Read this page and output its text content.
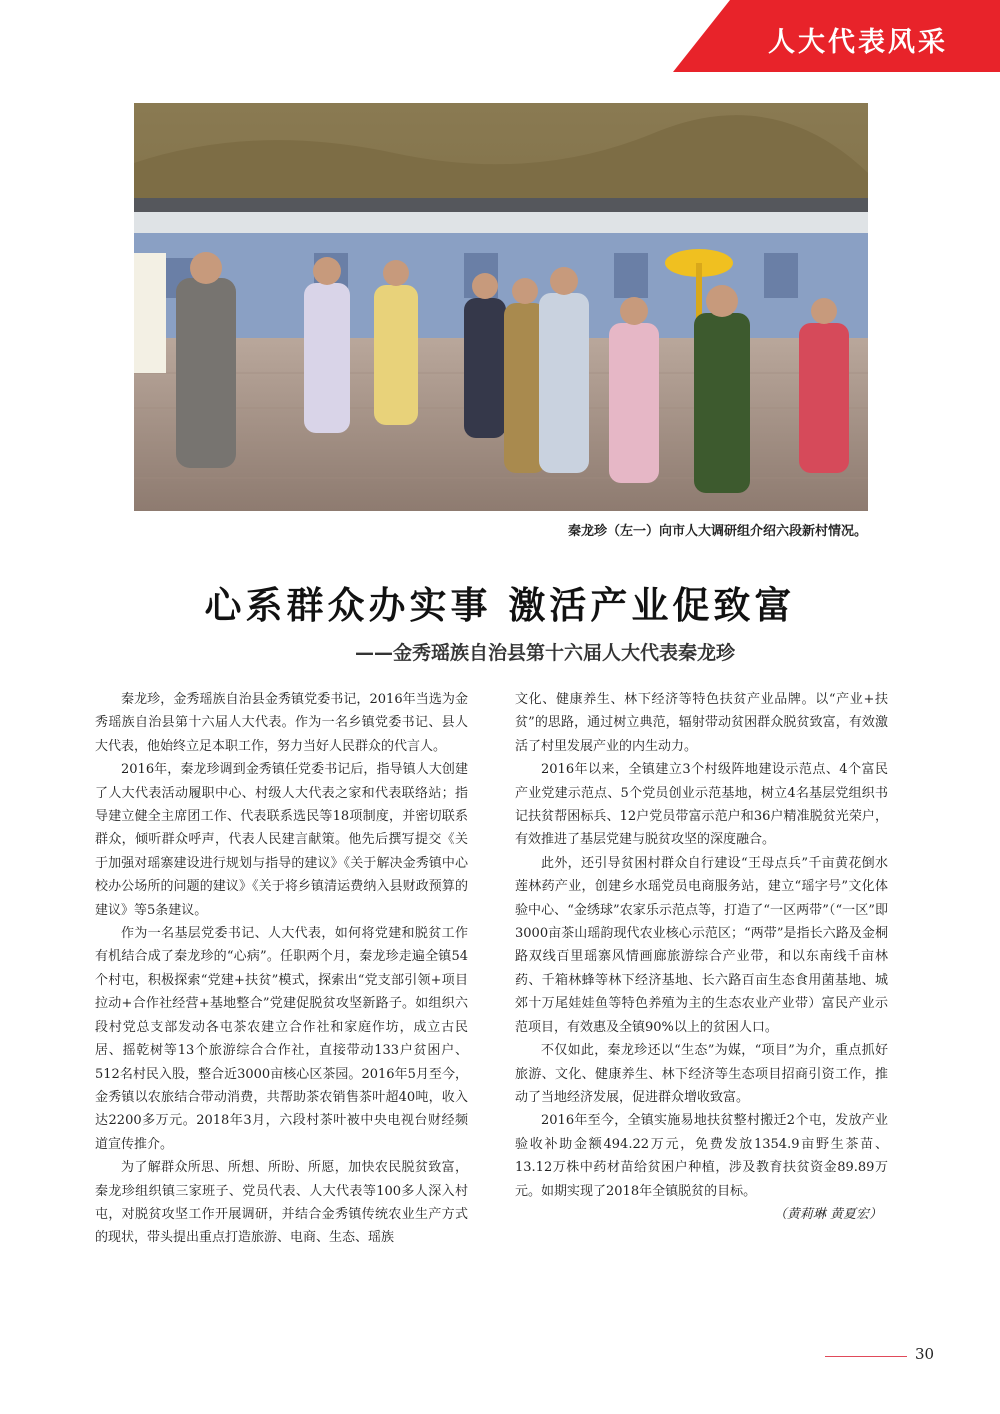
人大代表风采
秦龙珍（左一）向市人大调研组介绍六段新村情况。
心系群众办实事 激活产业促致富
——金秀瑶族自治县第十六届人大代表秦龙珍

秦龙珍，金秀瑶族自治县金秀镇党委书记，2016年当选为金秀瑶族自治县第十六届人大代表。作为一名乡镇党委书记、县人大代表，他始终立足本职工作，努力当好人民群众的代言人。

2016年，秦龙珍调到金秀镇任党委书记后，指导镇人大创建了人大代表活动履职中心、村级人大代表之家和代表联络站；指导建立健全主席团工作、代表联系选民等18项制度，并密切联系群众，倾听群众呼声，代表人民建言献策。他先后撰写提交《关于加强对瑶寨建设进行规划与指导的建议》《关于解决金秀镇中心校办公场所的问题的建议》《关于将乡镇清运费纳入县财政预算的建议》等5条建议。

作为一名基层党委书记、人大代表，如何将党建和脱贫工作有机结合成了秦龙珍的“心病”。任职两个月，秦龙珍走遍全镇54个村屯，积极探索“党建+扶贫”模式，探索出“党支部引领+项目拉动+合作社经营+基地整合”党建促脱贫攻坚新路子。如组织六段村党总支部发动各屯茶农建立合作社和家庭作坊，成立古民居、摇乾树等13个旅游综合合作社，直接带动133户贫困户、512名村民入股，整合近3000亩核心区茶园。2016年5月至今，金秀镇以农旅结合带动消费，共帮助茶农销售茶叶超40吨，收入达2200多万元。2018年3月，六段村茶叶被中央电视台财经频道宣传推介。

为了解群众所思、所想、所盼、所愿，加快农民脱贫致富，秦龙珍组织镇三家班子、党员代表、人大代表等100多人深入村屯，对脱贫攻坚工作开展调研，并结合金秀镇传统农业生产方式的现状，带头提出重点打造旅游、电商、生态、瑶族

文化、健康养生、林下经济等特色扶贫产业品牌。以“产业+扶贫”的思路，通过树立典范，辐射带动贫困群众脱贫致富，有效激活了村里发展产业的内生动力。

2016年以来，全镇建立3个村级阵地建设示范点、4个富民产业党建示范点、5个党员创业示范基地，树立4名基层党组织书记扶贫帮困标兵、12户党员带富示范户和36户精准脱贫光荣户，有效推进了基层党建与脱贫攻坚的深度融合。

此外，还引导贫困村群众自行建设“王母点兵”千亩黄花倒水莲林药产业，创建乡水瑶党员电商服务站，建立“瑶字号”文化体验中心、“金绣球”农家乐示范点等，打造了“一区两带”（“一区”即3000亩茶山瑶韵现代农业核心示范区；“两带”是指长六路及金桐路双线百里瑶寨风情画廊旅游综合产业带，和以东南线千亩林药、千箱林蜂等林下经济基地、长六路百亩生态食用菌基地、城郊十万尾娃娃鱼等特色养殖为主的生态农业产业带）富民产业示范项目，有效惠及全镇90%以上的贫困人口。

不仅如此，秦龙珍还以“生态”为媒，“项目”为介，重点抓好旅游、文化、健康养生、林下经济等生态项目招商引资工作，推动了当地经济发展，促进群众增收致富。

2016年至今，全镇实施易地扶贫整村搬迁2个屯，发放产业验收补助金额494.22万元，免费发放1354.9亩野生茶苗、13.12万株中药材苗给贫困户种植，涉及教育扶贫资金89.89万元。如期实现了2018年全镇脱贫的目标。

（黄莉琳 黄夏宏）

30
